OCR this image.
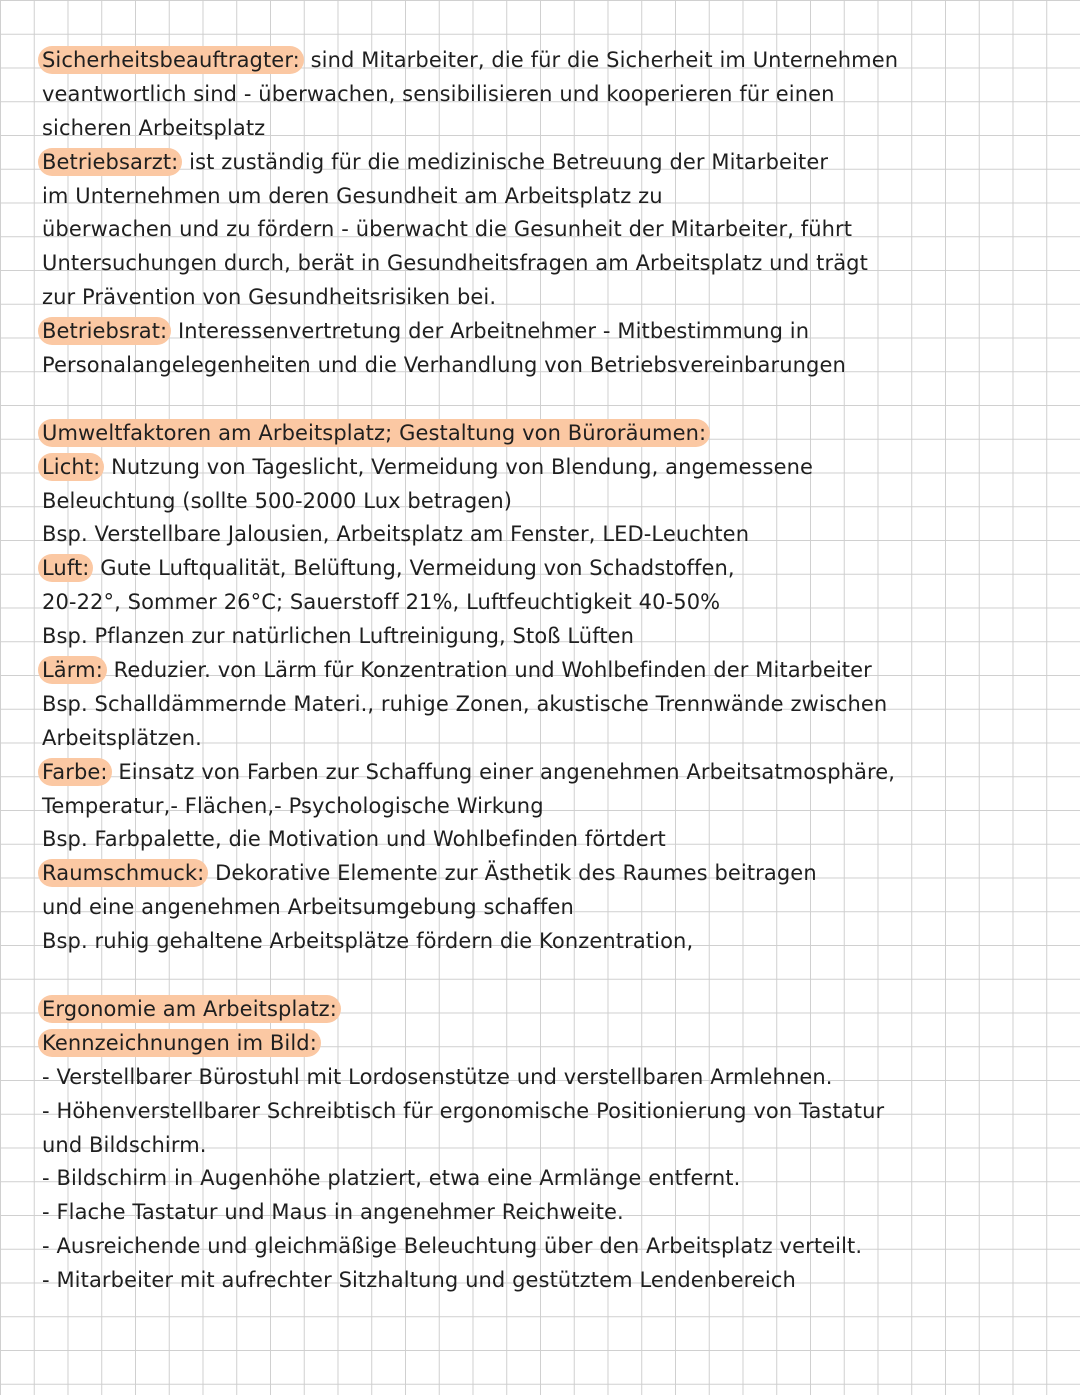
Sicherheitsbeauftragter: sind Mitarbeiter, die für die Sicherheit im Unternehmen
veantwortlich sind - überwachen, sensibilisieren und kooperieren für einen
sicheren Arbeitsplatz
Betriebsarzt: ist zuständig für die medizinische Betreuung der Mitarbeiter
im Unternehmen um deren Gesundheit am Arbeitsplatz zu
überwachen und zu fördern - überwacht die Gesunheit der Mitarbeiter, führt
Untersuchungen durch, berät in Gesundheitsfragen am Arbeitsplatz und trägt
zur Prävention von Gesundheitsrisiken bei.
Betriebsrat: Interessenvertretung der Arbeitnehmer - Mitbestimmung in
Personalangelegenheiten und die Verhandlung von Betriebsvereinbarungen
Umweltfaktoren am Arbeitsplatz; Gestaltung von Büroräumen:
Licht: Nutzung von Tageslicht, Vermeidung von Blendung, angemessene
Beleuchtung (sollte 500-2000 Lux betragen)
Bsp. Verstellbare Jalousien, Arbeitsplatz am Fenster, LED-Leuchten
Luft: Gute Luftqualität, Belüftung, Vermeidung von Schadstoffen,
20-22°, Sommer 26°C; Sauerstoff 21%, Luftfeuchtigkeit 40-50%
Bsp. Pflanzen zur natürlichen Luftreinigung, Stoß Lüften
Lärm: Reduzier. von Lärm für Konzentration und Wohlbefinden der Mitarbeiter
Bsp. Schalldämmernde Materi., ruhige Zonen, akustische Trennwände zwischen
Arbeitsplätzen.
Farbe: Einsatz von Farben zur Schaffung einer angenehmen Arbeitsatmosphäre,
Temperatur,- Flächen,- Psychologische Wirkung
Bsp. Farbpalette, die Motivation und Wohlbefinden förtdert
Raumschmuck: Dekorative Elemente zur Ästhetik des Raumes beitragen
und eine angenehmen Arbeitsumgebung schaffen
Bsp. ruhig gehaltene Arbeitsplätze fördern die Konzentration,
Ergonomie am Arbeitsplatz:
Kennzeichnungen im Bild:
- Verstellbarer Bürostuhl mit Lordosenstütze und verstellbaren Armlehnen.
- Höhenverstellbarer Schreibtisch für ergonomische Positionierung von Tastatur
und Bildschirm.
- Bildschirm in Augenhöhe platziert, etwa eine Armlänge entfernt.
- Flache Tastatur und Maus in angenehmer Reichweite.
- Ausreichende und gleichmäßige Beleuchtung über den Arbeitsplatz verteilt.
- Mitarbeiter mit aufrechter Sitzhaltung und gestütztem Lendenbereich
